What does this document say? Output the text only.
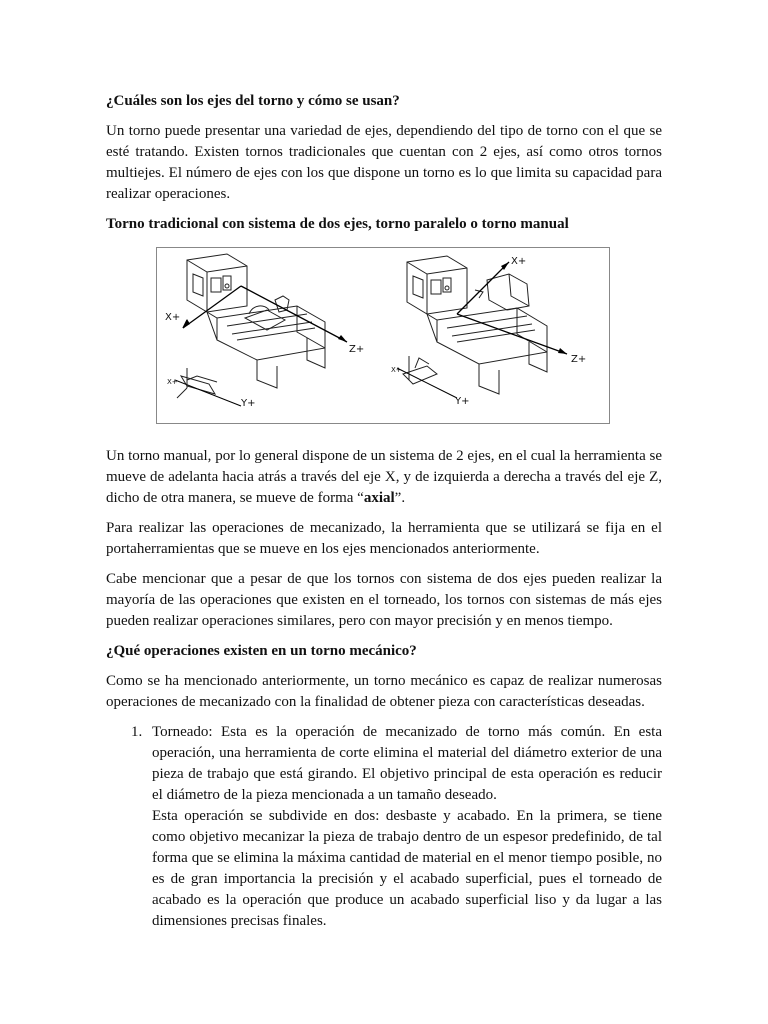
¿Cuáles son los ejes del torno y cómo se usan?

Un torno puede presentar una variedad de ejes, dependiendo del tipo de torno con el que se esté tratando. Existen tornos tradicionales que cuentan con 2 ejes, así como otros tornos multiejes. El número de ejes con los que dispone un torno es lo que limita su capacidad para realizar operaciones.

Torno tradicional con sistema de dos ejes, torno paralelo o torno manual
X+
Z+
Y+
X+
X+
Z+
Y+
X+

Un torno manual, por lo general dispone de un sistema de 2 ejes, en el cual la herramienta se mueve de adelanta hacia atrás a través del eje X, y de izquierda a derecha a través del eje Z, dicho de otra manera, se mueve de forma “axial”.

Para realizar las operaciones de mecanizado, la herramienta que se utilizará se fija en el portaherramientas que se mueve en los ejes mencionados anteriormente.

Cabe mencionar que a pesar de que los tornos con sistema de dos ejes pueden realizar la mayoría de las operaciones que existen en el torneado, los tornos con sistemas de más ejes pueden realizar operaciones similares, pero con mayor precisión y en menos tiempo.

¿Qué operaciones existen en un torno mecánico?

Como se ha mencionado anteriormente, un torno mecánico es capaz de realizar numerosas operaciones de mecanizado con la finalidad de obtener pieza con características deseadas.

1. Torneado: Esta es la operación de mecanizado de torno más común. En esta operación, una herramienta de corte elimina el material del diámetro exterior de una pieza de trabajo que está girando. El objetivo principal de esta operación es reducir el diámetro de la pieza mencionada a un tamaño deseado.

Esta operación se subdivide en dos: desbaste y acabado. En la primera, se tiene como objetivo mecanizar la pieza de trabajo dentro de un espesor predefinido, de tal forma que se elimina la máxima cantidad de material en el menor tiempo posible, no es de gran importancia la precisión y el acabado superficial, pues el torneado de acabado es la operación que produce un acabado superficial liso y da lugar a las dimensiones precisas finales.
